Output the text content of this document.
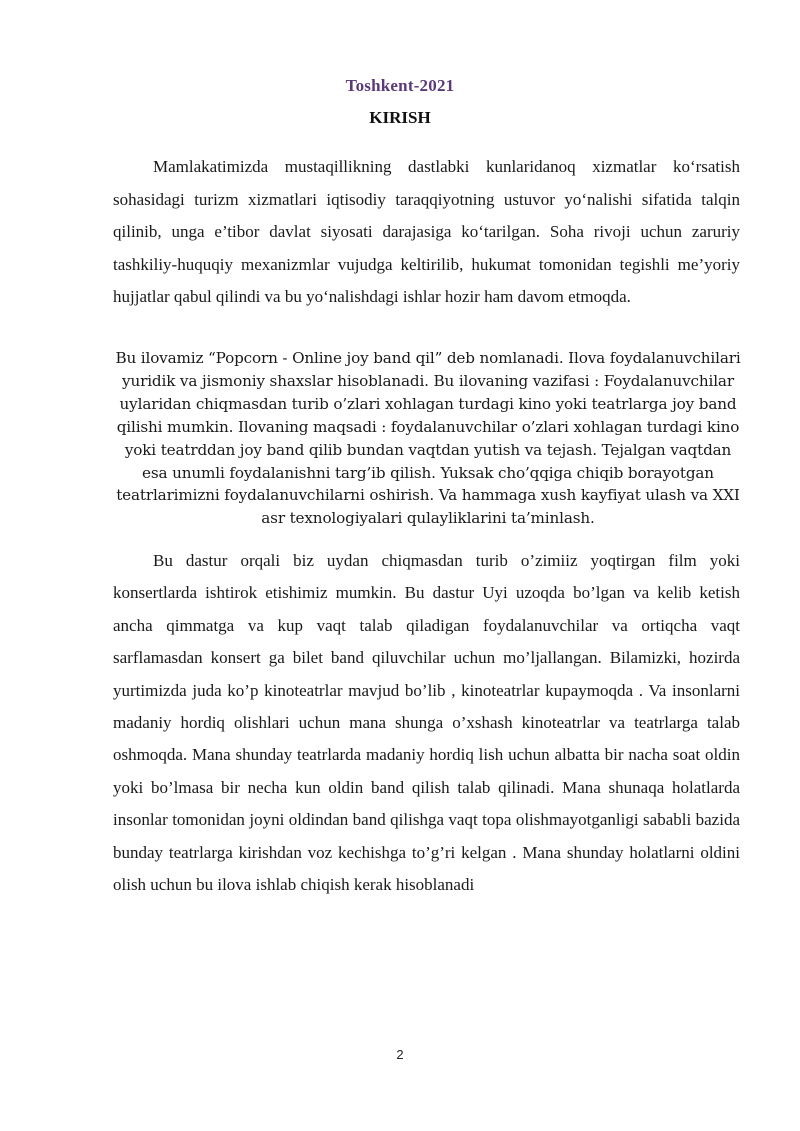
Toshkent-2021
KIRISH

Mamlakatimizda mustaqillikning dastlabki kunlaridanoq xizmatlar ko‘rsatish sohasidagi turizm xizmatlari iqtisodiy taraqqiyotning ustuvor yo‘nalishi sifatida talqin qilinib, unga e’tibor davlat siyosati darajasiga ko‘tarilgan. Soha rivoji uchun zaruriy tashkiliy-huquqiy mexanizmlar vujudga keltirilib, hukumat tomonidan tegishli me’yoriy hujjatlar qabul qilindi va bu yo‘nalishdagi ishlar hozir ham davom etmoqda.

Bu ilovamiz “Popcorn - Online joy band qil” deb nomlanadi. Ilova foydalanuvchilari yuridik va jismoniy shaxslar hisoblanadi. Bu ilovaning vazifasi : Foydalanuvchilar uylaridan chiqmasdan turib o’zlari xohlagan turdagi kino yoki teatrlarga joy band qilishi mumkin. Ilovaning maqsadi : foydalanuvchilar o’zlari xohlagan turdagi kino yoki teatrddan joy band qilib bundan vaqtdan yutish va tejash. Tejalgan vaqtdan esa unumli foydalanishni targ’ib qilish. Yuksak cho’qqiga chiqib borayotgan teatrlarimizni foydalanuvchilarni oshirish. Va hammaga xush kayfiyat ulash va XXI asr texnologiyalari qulayliklarini ta’minlash.

Bu dastur orqali biz uydan chiqmasdan turib o’zimiiz yoqtirgan film yoki konsertlarda ishtirok etishimiz mumkin. Bu dastur Uyi uzoqda bo’lgan va kelib ketish ancha qimmatga va kup vaqt talab qiladigan foydalanuvchilar va ortiqcha vaqt sarflamasdan konsert ga bilet band qiluvchilar uchun mo’ljallangan. Bilamizki, hozirda yurtimizda juda ko’p kinoteatrlar mavjud bo’lib , kinoteatrlar kupaymoqda . Va insonlarni madaniy hordiq olishlari uchun mana shunga o’xshash kinoteatrlar va teatrlarga talab oshmoqda. Mana shunday teatrlarda madaniy hordiq lish uchun albatta bir nacha soat oldin yoki bo’lmasa bir necha kun oldin band qilish talab qilinadi. Mana shunaqa holatlarda insonlar tomonidan joyni oldindan band qilishga vaqt topa olishmayotganligi sababli bazida bunday teatrlarga kirishdan voz kechishga to’g’ri kelgan . Mana shunday holatlarni oldini olish uchun bu ilova ishlab chiqish kerak hisoblanadi

2
